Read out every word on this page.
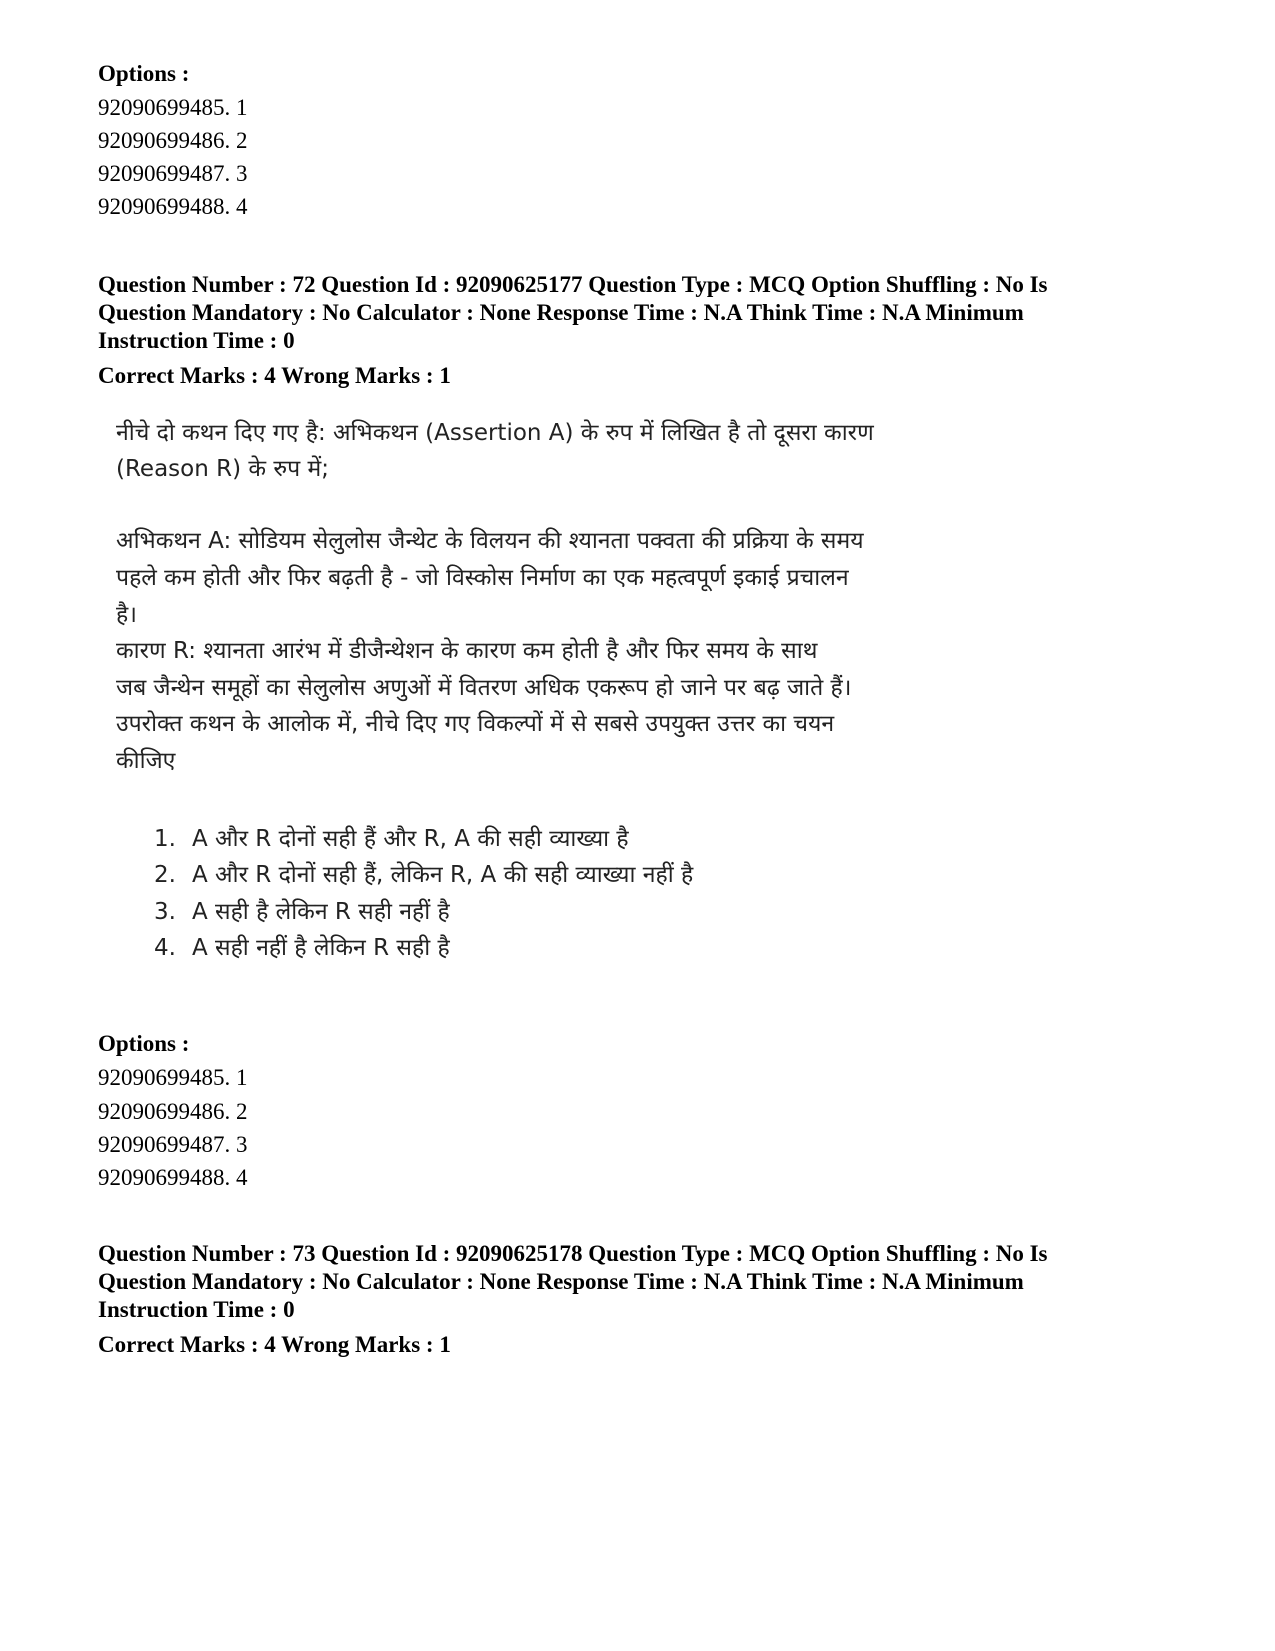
Options :
92090699485. 1
92090699486. 2
92090699487. 3
92090699488. 4
Question Number : 72 Question Id : 92090625177 Question Type : MCQ Option Shuffling : No Is
Question Mandatory : No Calculator : None Response Time : N.A Think Time : N.A Minimum
Instruction Time : 0
Correct Marks : 4 Wrong Marks : 1
नीचे दो कथन दिए गए है: अभिकथन (Assertion A) के रुप में लिखित है तो दूसरा कारण
(Reason R) के रुप में;
अभिकथन A: सोडियम सेलुलोस जैन्थेट के विलयन की श्यानता पक्वता की प्रक्रिया के समय
पहले कम होती और फिर बढ़ती है - जो विस्कोस निर्माण का एक महत्वपूर्ण इकाई प्रचालन
है।
कारण R: श्यानता आरंभ में डीजैन्थेशन के कारण कम होती है और फिर समय के साथ
जब जैन्थेन समूहों का सेलुलोस अणुओं में वितरण अधिक एकरूप हो जाने पर बढ़ जाते हैं।
उपरोक्त कथन के आलोक में, नीचे दिए गए विकल्पों में से सबसे उपयुक्त उत्तर का चयन
कीजिए
1. A और R दोनों सही हैं और R, A की सही व्याख्या है
2. A और R दोनों सही हैं, लेकिन R, A की सही व्याख्या नहीं है
3. A सही है लेकिन R सही नहीं है
4. A सही नहीं है लेकिन R सही है
Options :
92090699485. 1
92090699486. 2
92090699487. 3
92090699488. 4
Question Number : 73 Question Id : 92090625178 Question Type : MCQ Option Shuffling : No Is
Question Mandatory : No Calculator : None Response Time : N.A Think Time : N.A Minimum
Instruction Time : 0
Correct Marks : 4 Wrong Marks : 1
